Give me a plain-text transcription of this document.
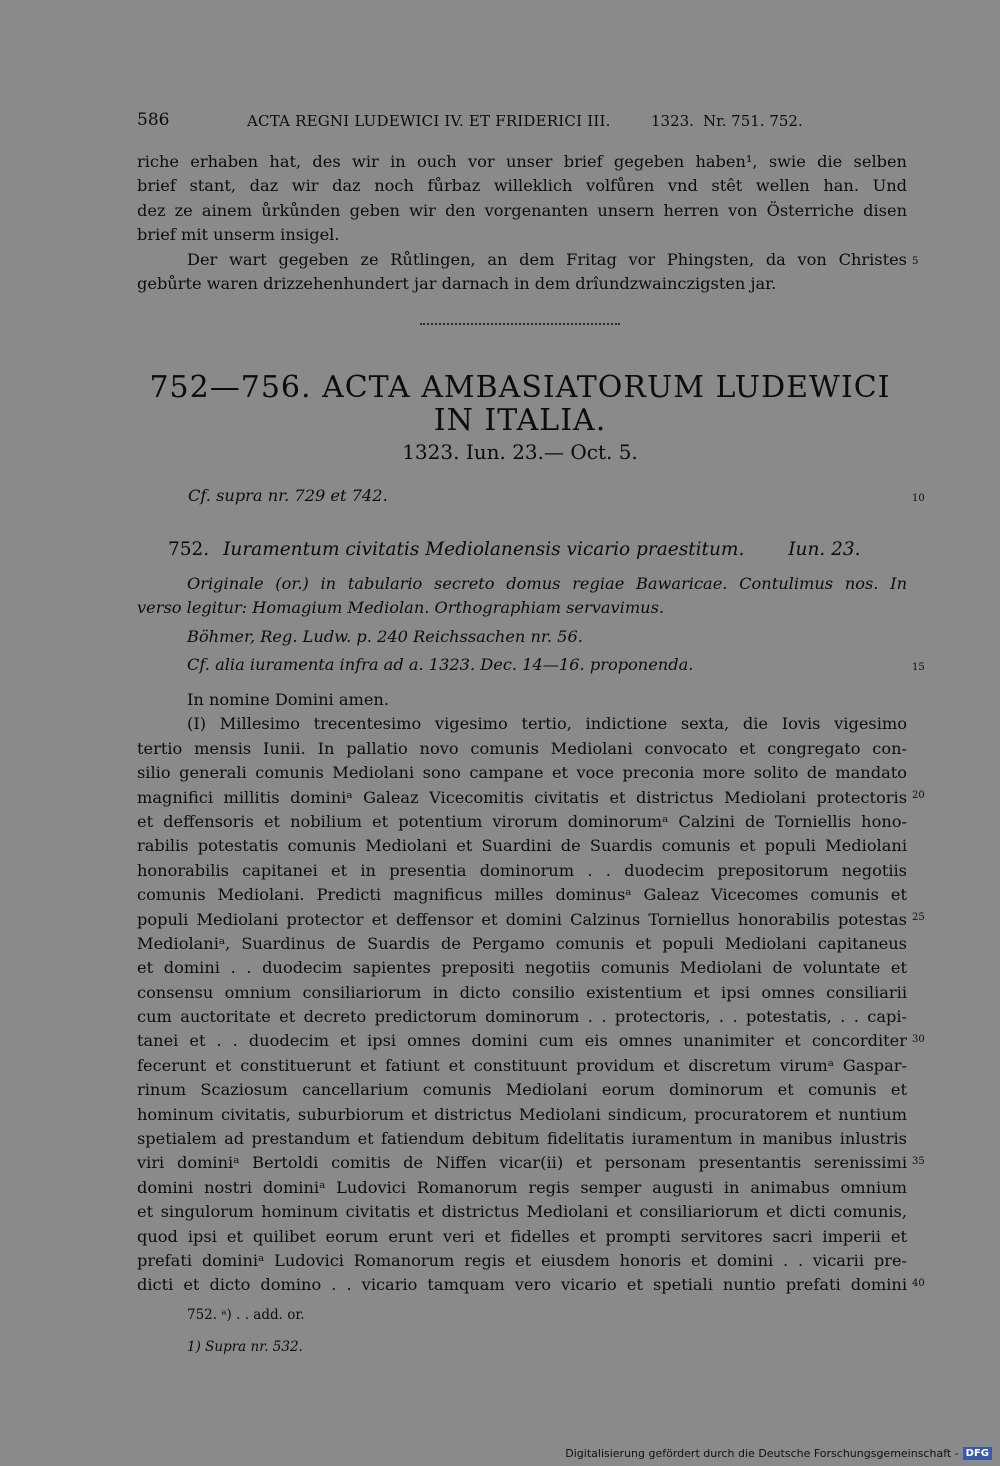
586	ACTA REGNI LUDEWICI IV. ET FRIDERICI III.	1323. Nr. 751. 752.
riche erhaben hat, des wir in ouch vor unser brief gegeben haben¹, swie die selben
brief stant, daz wir daz noch fůrbaz willeklich volfůren vnd stêt wellen han. Und
dez ze ainem ůrkůnden geben wir den vorgenanten unsern herren von Österriche disen
brief mit unserm insigel.
Der wart gegeben ze Růtlingen, an dem Fritag vor Phingsten, da von Christes
gebůrte waren drizzehenhundert jar darnach in dem drîundzwainczigsten jar.
5
752—756. ACTA AMBASIATORUM LUDEWICI
IN ITALIA.
1323. Iun. 23.— Oct. 5.
Cf. supra nr. 729 et 742.	10
752. Iuramentum civitatis Mediolanensis vicario praestitum. Iun. 23.
Originale (or.) in tabulario secreto domus regiae Bawaricae. Contulimus nos. In
verso legitur: Homagium Mediolan. Orthographiam servavimus.
Böhmer, Reg. Ludw. p. 240 Reichssachen nr. 56.
Cf. alia iuramenta infra ad a. 1323. Dec. 14—16. proponenda.	15
In nomine Domini amen.
(I) Millesimo trecentesimo vigesimo tertio, indictione sexta, die Iovis vigesimo
tertio mensis Iunii. In pallatio novo comunis Mediolani convocato et congregato con-
silio generali comunis Mediolani sono campane et voce preconia more solito de mandato
magnifici millitis dominiᵃ Galeaz Vicecomitis civitatis et districtus Mediolani protectoris
et deffensoris et nobilium et potentium virorum dominorumᵃ Calzini de Torniellis hono-
rabilis potestatis comunis Mediolani et Suardini de Suardis comunis et populi Mediolani
honorabilis capitanei et in presentia dominorum . . duodecim prepositorum negotiis
comunis Mediolani. Predicti magnificus milles dominusᵃ Galeaz Vicecomes comunis et
populi Mediolani protector et deffensor et domini Calzinus Torniellus honorabilis potestas
Mediolaniᵃ, Suardinus de Suardis de Pergamo comunis et populi Mediolani capitaneus
et domini . . duodecim sapientes prepositi negotiis comunis Mediolani de voluntate et
consensu omnium consiliariorum in dicto consilio existentium et ipsi omnes consiliarii
cum auctoritate et decreto predictorum dominorum . . protectoris, . . potestatis, . . capi-
tanei et . . duodecim et ipsi omnes domini cum eis omnes unanimiter et concorditer
fecerunt et constituerunt et fatiunt et constituunt providum et discretum virumᵃ Gaspar-
rinum Scaziosum cancellarium comunis Mediolani eorum dominorum et comunis et
hominum civitatis, suburbiorum et districtus Mediolani sindicum, procuratorem et nuntium
spetialem ad prestandum et fatiendum debitum fidelitatis iuramentum in manibus inlustris
viri dominiᵃ Bertoldi comitis de Niffen vicar(ii) et personam presentantis serenissimi
domini nostri dominiᵃ Ludovici Romanorum regis semper augusti in animabus omnium
et singulorum hominum civitatis et districtus Mediolani et consiliariorum et dicti comunis,
quod ipsi et quilibet eorum erunt veri et fidelles et prompti servitores sacri imperii et
prefati dominiᵃ Ludovici Romanorum regis et eiusdem honoris et domini . . vicarii pre-
dicti et dicto domino . . vicario tamquam vero vicario et spetiali nuntio prefati domini
20
25
30
35
40
752. ᵃ) . . add. or.
1) Supra nr. 532.
Digitalisierung gefördert durch die Deutsche Forschungsgemeinschaft - DFG
